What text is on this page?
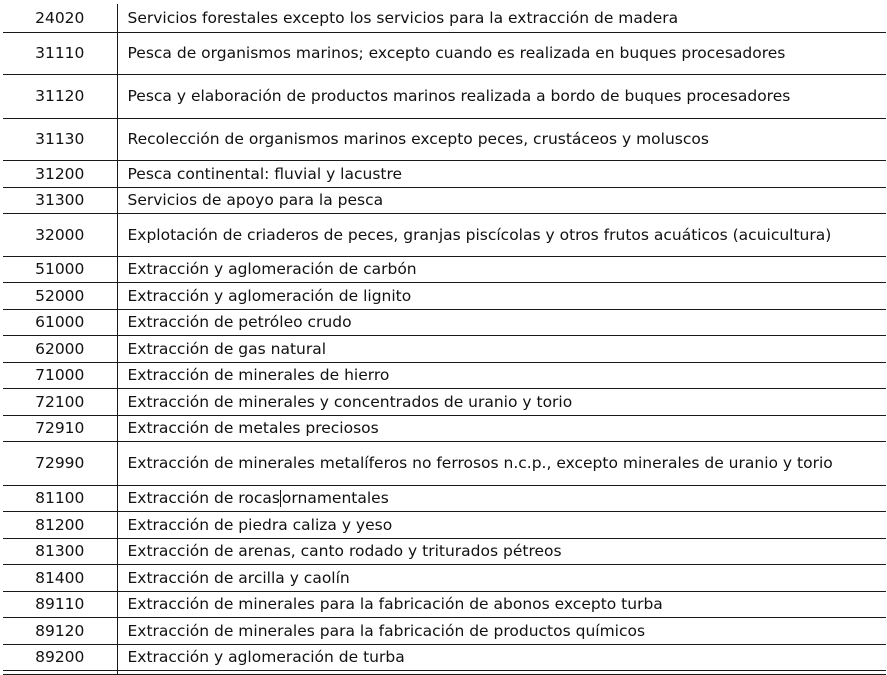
24020	Servicios forestales excepto los servicios para la extracción de madera
31110	Pesca de organismos marinos; excepto cuando es realizada en buques procesadores
31120	Pesca y elaboración de productos marinos realizada a bordo de buques procesadores
31130	Recolección de organismos marinos excepto peces, crustáceos y moluscos
31200	Pesca continental: fluvial y lacustre
31300	Servicios de apoyo para la pesca
32000	Explotación de criaderos de peces, granjas piscícolas y otros frutos acuáticos (acuicultura)
51000	Extracción y aglomeración de carbón
52000	Extracción y aglomeración de lignito
61000	Extracción de petróleo crudo
62000	Extracción de gas natural
71000	Extracción de minerales de hierro
72100	Extracción de minerales y concentrados de uranio y torio
72910	Extracción de metales preciosos
72990	Extracción de minerales metalíferos no ferrosos n.c.p., excepto minerales de uranio y torio
81100	Extracción de rocas ornamentales
81200	Extracción de piedra caliza y yeso
81300	Extracción de arenas, canto rodado y triturados pétreos
81400	Extracción de arcilla y caolín
89110	Extracción de minerales para la fabricación de abonos excepto turba
89120	Extracción de minerales para la fabricación de productos químicos
89200	Extracción y aglomeración de turba
